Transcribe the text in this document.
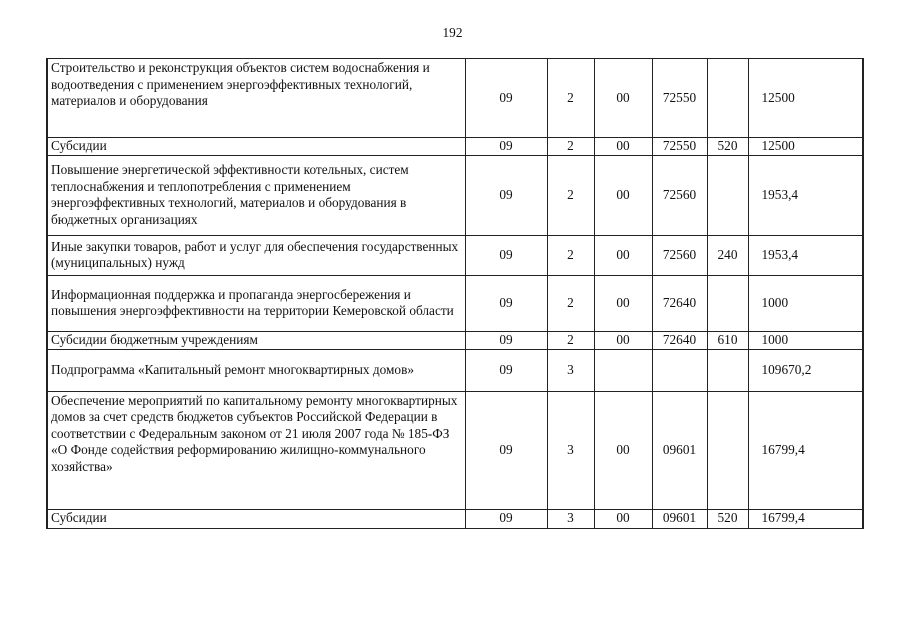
192
Строительство и реконструкция объектов систем водоснабжения и водоотведения с применением энергоэффективных технологий, материалов и оборудования	09	2	00	72550		12500
Субсидии	09	2	00	72550	520	12500
Повышение энергетической эффективности котельных, систем теплоснабжения и теплопотребления с применением энергоэффективных технологий, материалов и оборудования в бюджетных организациях	09	2	00	72560		1953,4
Иные закупки товаров, работ и услуг для обеспечения государственных (муниципальных) нужд	09	2	00	72560	240	1953,4
Информационная поддержка и пропаганда энергосбережения и повышения энергоэффективности на территории Кемеровской области	09	2	00	72640		1000
Субсидии бюджетным учреждениям	09	2	00	72640	610	1000
Подпрограмма «Капитальный ремонт многоквартирных домов»	09	3				109670,2
Обеспечение мероприятий по капитальному ремонту многоквартирных домов за счет средств бюджетов субъектов Российской Федерации в соответствии с Федеральным законом от 21 июля 2007 года № 185-ФЗ «О Фонде содействия реформированию жилищно-коммунального хозяйства»	09	3	00	09601		16799,4
Субсидии	09	3	00	09601	520	16799,4
